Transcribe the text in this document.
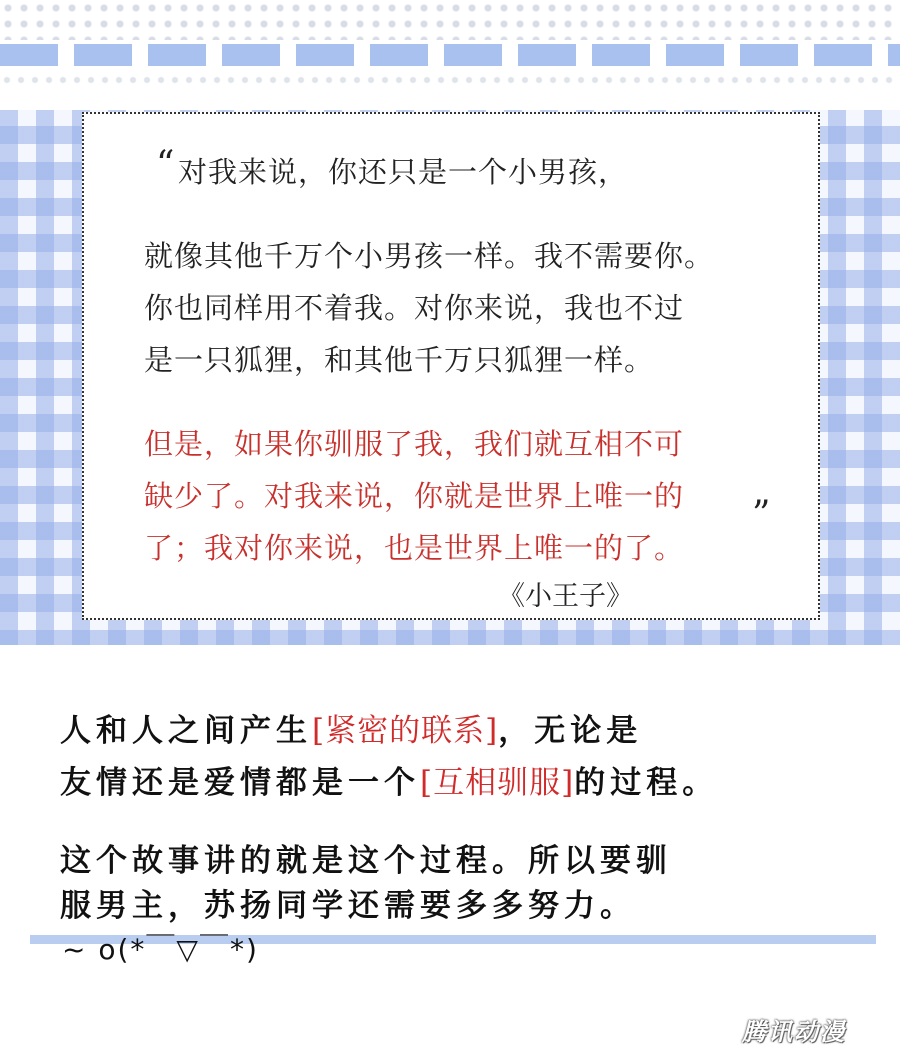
“ 对我来说，你还只是一个小男孩，
就像其他千万个小男孩一样。我不需要你。
你也同样用不着我。对你来说，我也不过
是一只狐狸，和其他千万只狐狸一样。
但是，如果你驯服了我，我们就互相不可
缺少了。对我来说，你就是世界上唯一的
了；我对你来说，也是世界上唯一的了。
”
《小王子》
人和人之间产生[紧密的联系]，无论是
友情还是爱情都是一个[互相驯服]的过程。
这个故事讲的就是这个过程。所以要驯
服男主，苏扬同学还需要多多努力。
~ o(*￣▽￣*)
腾讯动漫
